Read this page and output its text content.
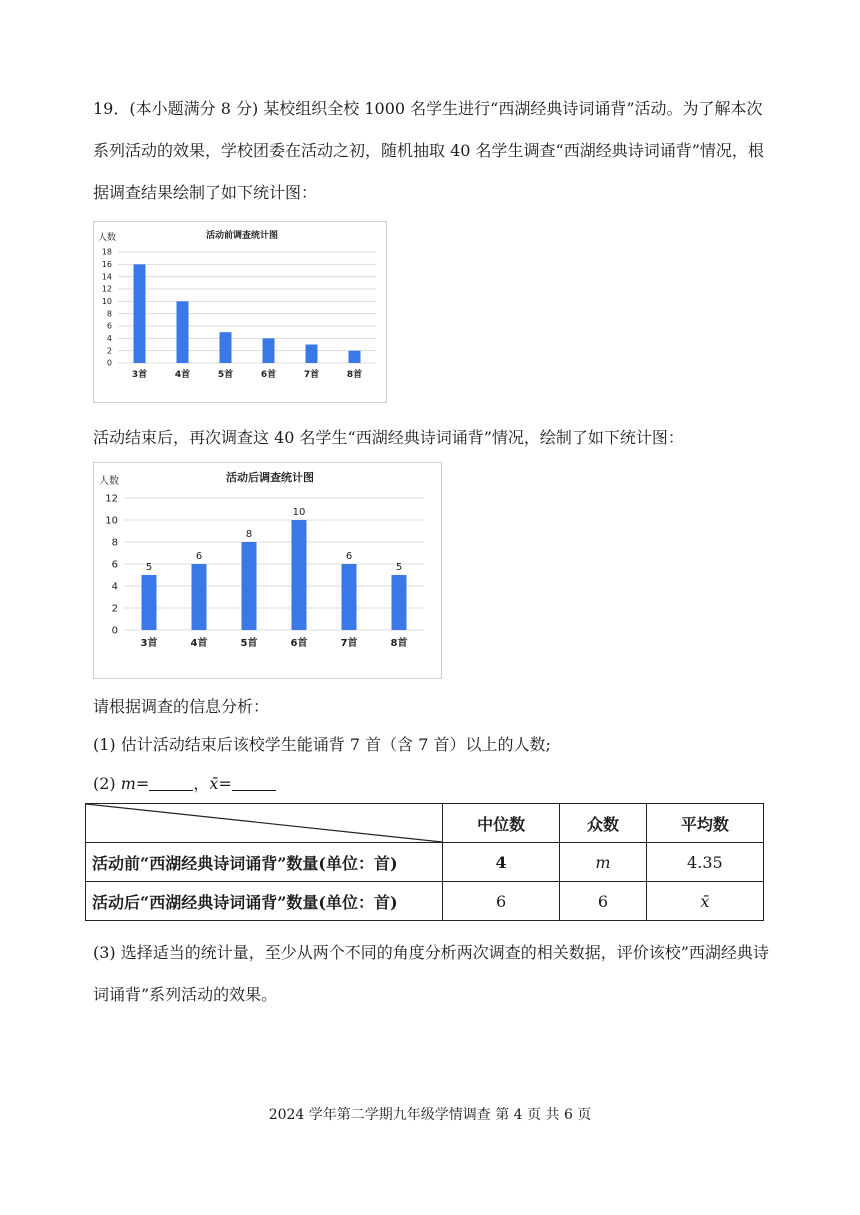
19．(本小题满分 8 分) 某校组织全校 1000 名学生进行“西湖经典诗词诵背”活动。为了解本次系列活动的效果，学校团委在活动之初，随机抽取 40 名学生调查“西湖经典诗词诵背”情况，根据调查结果绘制了如下统计图：

活动前调查统计图
人数
0
2
4
6
8
10
12
14
16
18
3首	4首	5首	6首	7首	8首
活动结束后，再次调查这 40 名学生“西湖经典诗词诵背”情况，绘制了如下统计图：
活动后调查统计图
人数
0
2
4
6
8
10
12
3首
5
4首
6
5首
8
6首
10
7首
6
8首
5
请根据调查的信息分析：
(1) 估计活动结束后该校学生能诵背 7 首（含 7 首）以上的人数;
(2) m=	，x̄=
	中位数	众数	平均数
活动前“西湖经典诗词诵背”数量(单位：首)	4	m	4.35
活动后“西湖经典诗词诵背”数量(单位：首)	6	6	x̄

(3) 选择适当的统计量，至少从两个不同的角度分析两次调查的相关数据，评价该校”西湖经典诗词诵背”系列活动的效果。

2024 学年第二学期九年级学情调查 第 4 页 共 6 页
